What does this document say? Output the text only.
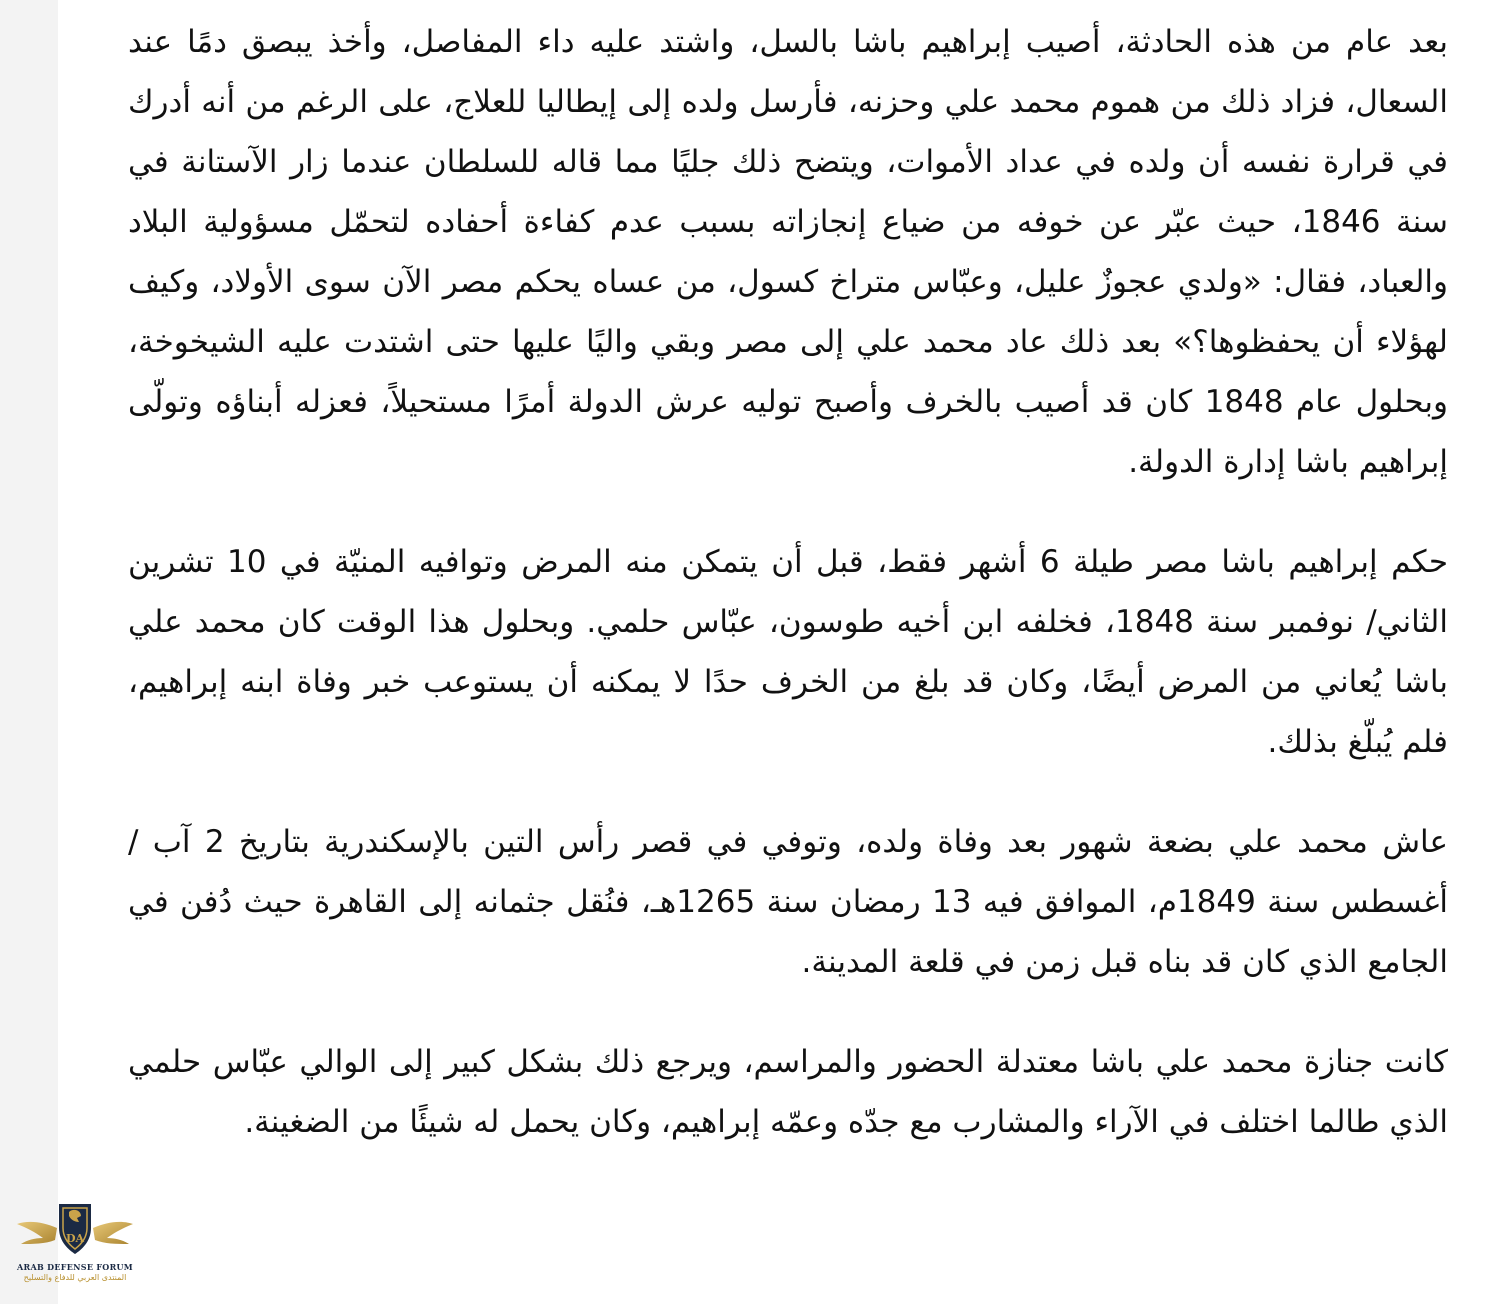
بعد عام من هذه الحادثة، أصيب إبراهيم باشا بالسل، واشتد عليه داء المفاصل، وأخذ يبصق دمًا عند السعال، فزاد ذلك من هموم محمد علي وحزنه، فأرسل ولده إلى إيطاليا للعلاج، على الرغم من أنه أدرك في قرارة نفسه أن ولده في عداد الأموات، ويتضح ذلك جليًا مما قاله للسلطان عندما زار الآستانة في سنة 1846، حيث عبّر عن خوفه من ضياع إنجازاته بسبب عدم كفاءة أحفاده لتحمّل مسؤولية البلاد والعباد، فقال: «ولدي عجوزٌ عليل، وعبّاس متراخ كسول، من عساه يحكم مصر الآن سوى الأولاد، وكيف لهؤلاء أن يحفظوها؟» بعد ذلك عاد محمد علي إلى مصر وبقي واليًا عليها حتى اشتدت عليه الشيخوخة، وبحلول عام 1848 كان قد أصيب بالخرف وأصبح توليه عرش الدولة أمرًا مستحيلاً، فعزله أبناؤه وتولّى إبراهيم باشا إدارة الدولة.

حكم إبراهيم باشا مصر طيلة 6 أشهر فقط، قبل أن يتمكن منه المرض وتوافيه المنيّة في 10 تشرين الثاني/ نوفمبر سنة 1848، فخلفه ابن أخيه طوسون، عبّاس حلمي. وبحلول هذا الوقت كان محمد علي باشا يُعاني من المرض أيضًا، وكان قد بلغ من الخرف حدًا لا يمكنه أن يستوعب خبر وفاة ابنه إبراهيم، فلم يُبلّغ بذلك.

عاش محمد علي بضعة شهور بعد وفاة ولده، وتوفي في قصر رأس التين بالإسكندرية بتاريخ 2 آب / أغسطس سنة 1849م، الموافق فيه 13 رمضان سنة 1265هـ، فنُقل جثمانه إلى القاهرة حيث دُفن في الجامع الذي كان قد بناه قبل زمن في قلعة المدينة.

كانت جنازة محمد علي باشا معتدلة الحضور والمراسم، ويرجع ذلك بشكل كبير إلى الوالي عبّاس حلمي الذي طالما اختلف في الآراء والمشارب مع جدّه وعمّه إبراهيم، وكان يحمل له شيئًا من الضغينة.

DA
ARAB DEFENSE FORUM
المنتدى العربي للدفاع والتسليح
